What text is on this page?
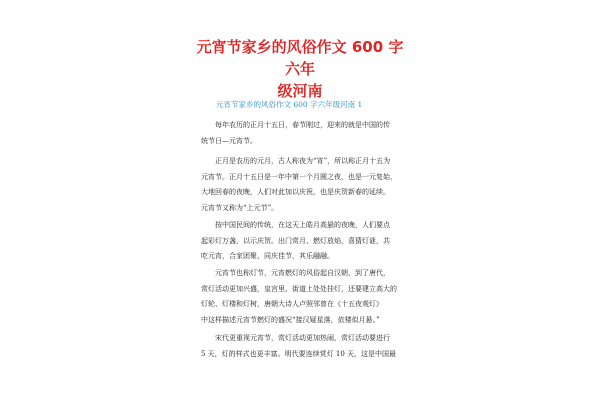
元宵节家乡的风俗作文 600 字六年
级河南
元宵节家乡的风俗作文 600 字六年级河南 1
每年农历的正月十五日，春节刚过，迎来的就是中国的传
统节日—元宵节。
正月是农历的元月，古人称夜为“宵”，所以称正月十五为
元宵节。正月十五日是一年中第一个月圆之夜，也是一元复始，
大地回春的夜晚，人们对此加以庆祝，也是庆贺新春的延续。
元宵节又称为“上元节”。
按中国民间的传统，在这天上皓月高悬的夜晚，人们要点
起彩灯万盏，以示庆贺。出门赏月、燃灯放焰，喜猜灯谜，共
吃元宵，合家团聚、同庆佳节，其乐融融。
元宵节也称灯节，元宵燃灯的风俗起自汉朝，到了唐代，
赏灯活动更加兴盛，皇宫里、街道上处处挂灯，还要建立高大的
灯轮、灯楼和灯树，唐朝大诗人卢照邻曾在《十五夜观灯》
中这样描述元宵节燃灯的盛况“接汉疑星落，依楼似月悬。”
宋代更重视元宵节，赏灯活动更加热闹，赏灯活动要进行
5 天，灯的样式也更丰富。明代要连续赏灯 10 天，这是中国最
